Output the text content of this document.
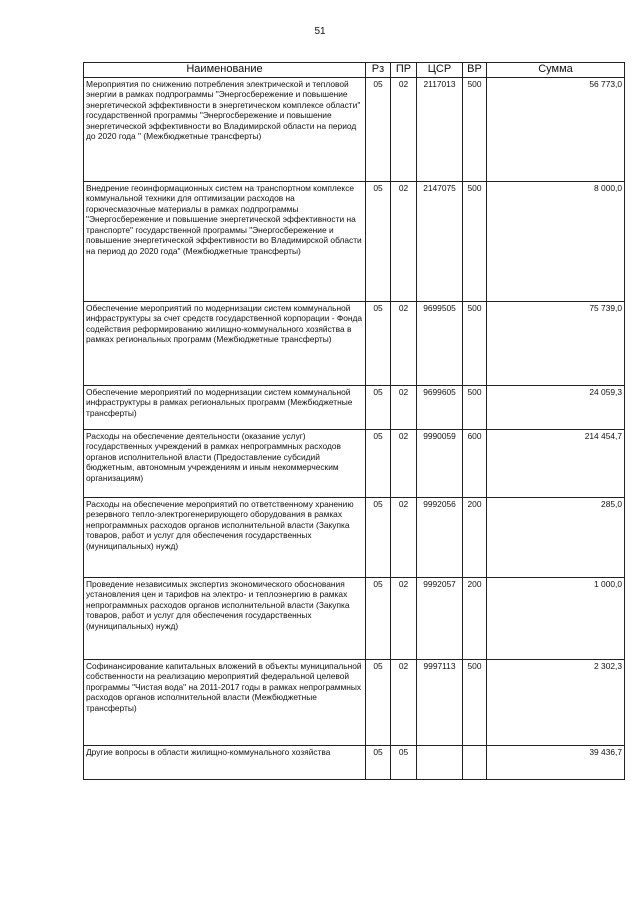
51
Наименование	Рз	ПР	ЦСР	ВР	Сумма
Мероприятия по снижению потребления электрической и тепловой энергии в рамках подпрограммы "Энергосбережение и повышение энергетической эффективности в энергетическом комплексе области" государственной программы "Энергосбережение и повышение энергетической эффективности во Владимирской области на период до 2020 года " (Межбюджетные трансферты)	05	02	2117013	500	56 773,0
Внедрение геоинформационных систем на транспортном комплексе коммунальной техники для оптимизации расходов на горючесмазочные материалы в рамках подпрограммы "Энергосбережение и повышение энергетической эффективности на транспорте" государственной программы "Энергосбережение и повышение энергетической эффективности во Владимирской области на период до 2020 года" (Межбюджетные трансферты)	05	02	2147075	500	8 000,0
Обеспечение мероприятий по модернизации систем коммунальной инфраструктуры за счет средств государственной корпорации - Фонда содействия реформированию жилищно-коммунального хозяйства в рамках региональных программ (Межбюджетные трансферты)	05	02	9699505	500	75 739,0
Обеспечение мероприятий по модернизации систем коммунальной инфраструктуры в рамках региональных программ (Межбюджетные трансферты)	05	02	9699605	500	24 059,3
Расходы на обеспечение деятельности (оказание услуг) государственных учреждений в рамках непрограммных расходов органов исполнительной власти (Предоставление субсидий бюджетным, автономным учреждениям и иным некоммерческим организациям)	05	02	9990059	600	214 454,7
Расходы на обеспечение мероприятий по ответственному хранению резервного тепло-электрогенерирующего оборудования в рамках непрограммных расходов органов исполнительной власти (Закупка товаров, работ и услуг для обеспечения государственных (муниципальных) нужд)	05	02	9992056	200	285,0
Проведение независимых экспертиз экономического обоснования установления цен и тарифов на электро- и теплоэнергию в рамках непрограммных расходов органов исполнительной власти (Закупка товаров, работ и услуг для обеспечения государственных (муниципальных) нужд)	05	02	9992057	200	1 000,0
Софинансирование капитальных вложений в объекты муниципальной собственности на реализацию мероприятий федеральной целевой программы "Чистая вода" на 2011-2017 годы в рамках непрограммных расходов органов исполнительной власти (Межбюджетные трансферты)	05	02	9997113	500	2 302,3
Другие вопросы в области жилищно-коммунального хозяйства	05	05			39 436,7
